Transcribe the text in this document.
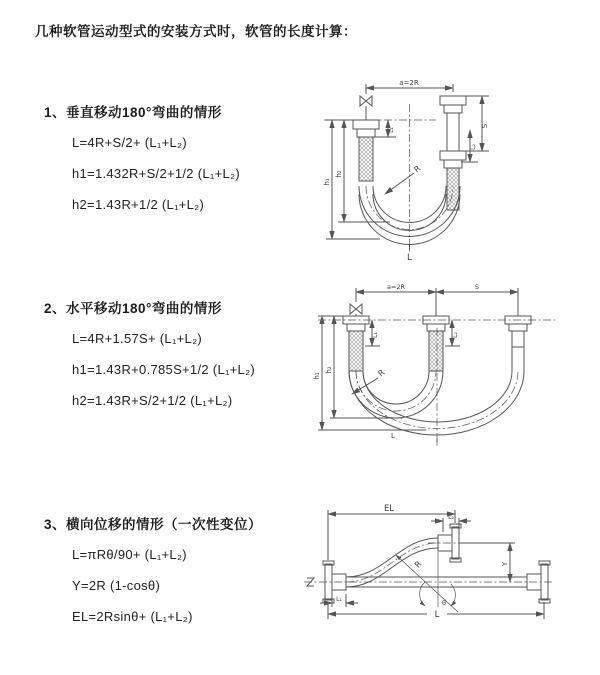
几种软管运动型式的安装方式时，软管的长度计算：
1、垂直移动180°弯曲的情形
L=4R+S/2+ (L₁+L₂)
h1=1.432R+S/2+1/2 (L₁+L₂)
h2=1.43R+1/2 (L₁+L₂)
a=2R
S
L₂
L₁
h₁
h₂	R
L
2、水平移动180°弯曲的情形
L=4R+1.57S+ (L₁+L₂)
h1=1.43R+0.785S+1/2 (L₁+L₂)
h2=1.43R+S/2+1/2 (L₁+L₂)
a=2R	S
h₁
h₂
L₁	L₂
R
L
3、横向位移的情形（一次性变位）
L=πRθ/90+ (L₁+L₂)
Y=2R (1-cosθ)
EL=2Rsinθ+ (L₁+L₂)
EL
L₂
Y
L
L₁
R
θ
